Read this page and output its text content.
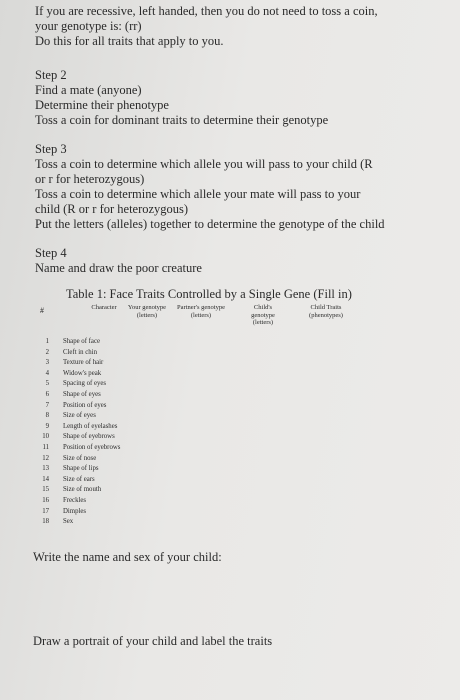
If you are recessive, left handed, then you do not need to toss a coin,
your genotype is: (rr)
Do this for all traits that apply to you.
Step 2
Find a mate (anyone)
Determine their phenotype
Toss a coin for dominant traits to determine their genotype
Step 3
Toss a coin to determine which allele you will pass to your child (R
or r for heterozygous)
Toss a coin to determine which allele your mate will pass to your
child (R or r for heterozygous)
Put the letters (alleles) together to determine the genotype of the child
Step 4
Name and draw the poor creature
Table 1: Face Traits Controlled by a Single Gene (Fill in)
#	Character	Your genotype
(letters)
Partner's genotype
(letters)
Child's
genotype
(letters)
Child Traits
(phenotypes)
1 Shape of face
2 Cleft in chin
3 Texture of hair
4 Widow's peak
5 Spacing of eyes
6 Shape of eyes
7 Position of eyes
8 Size of eyes
9 Length of eyelashes
10 Shape of eyebrows
11 Position of eyebrows
12 Size of nose
13 Shape of lips
14 Size of ears
15 Size of mouth
16 Freckles
17 Dimples
18 Sex
Write the name and sex of your child:
Draw a portrait of your child and label the traits
